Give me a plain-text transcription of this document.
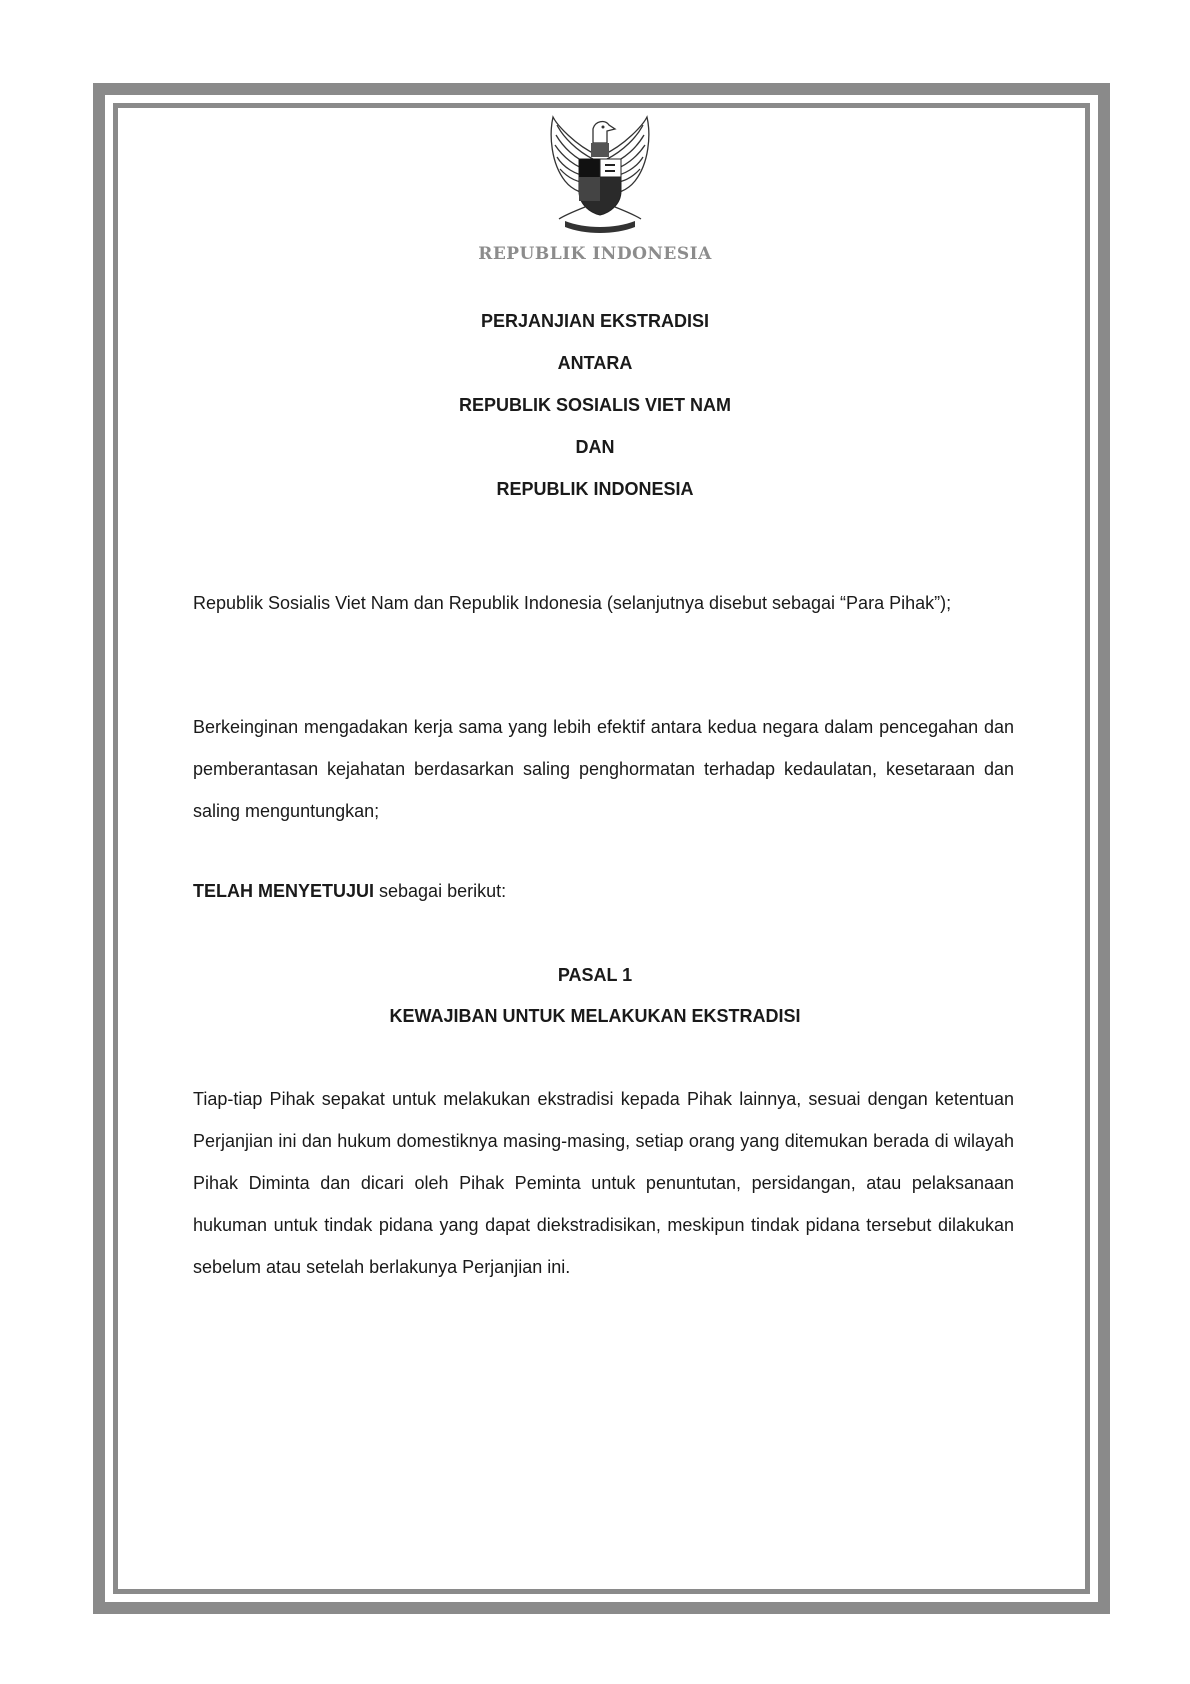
REPUBLIK INDONESIA

PERJANJIAN EKSTRADISI

ANTARA

REPUBLIK SOSIALIS VIET NAM

DAN

REPUBLIK INDONESIA

Republik Sosialis Viet Nam dan Republik Indonesia (selanjutnya disebut sebagai “Para Pihak”);

Berkeinginan mengadakan kerja sama yang lebih efektif antara kedua negara dalam pencegahan dan pemberantasan kejahatan berdasarkan saling penghormatan terhadap kedaulatan, kesetaraan dan saling menguntungkan;

TELAH MENYETUJUI sebagai berikut:

PASAL 1

KEWAJIBAN UNTUK MELAKUKAN EKSTRADISI

Tiap-tiap Pihak sepakat untuk melakukan ekstradisi kepada Pihak lainnya, sesuai dengan ketentuan Perjanjian ini dan hukum domestiknya masing-masing, setiap orang yang ditemukan berada di wilayah Pihak Diminta dan dicari oleh Pihak Peminta untuk penuntutan, persidangan, atau pelaksanaan hukuman untuk tindak pidana yang dapat diekstradisikan, meskipun tindak pidana tersebut dilakukan sebelum atau setelah berlakunya Perjanjian ini.
